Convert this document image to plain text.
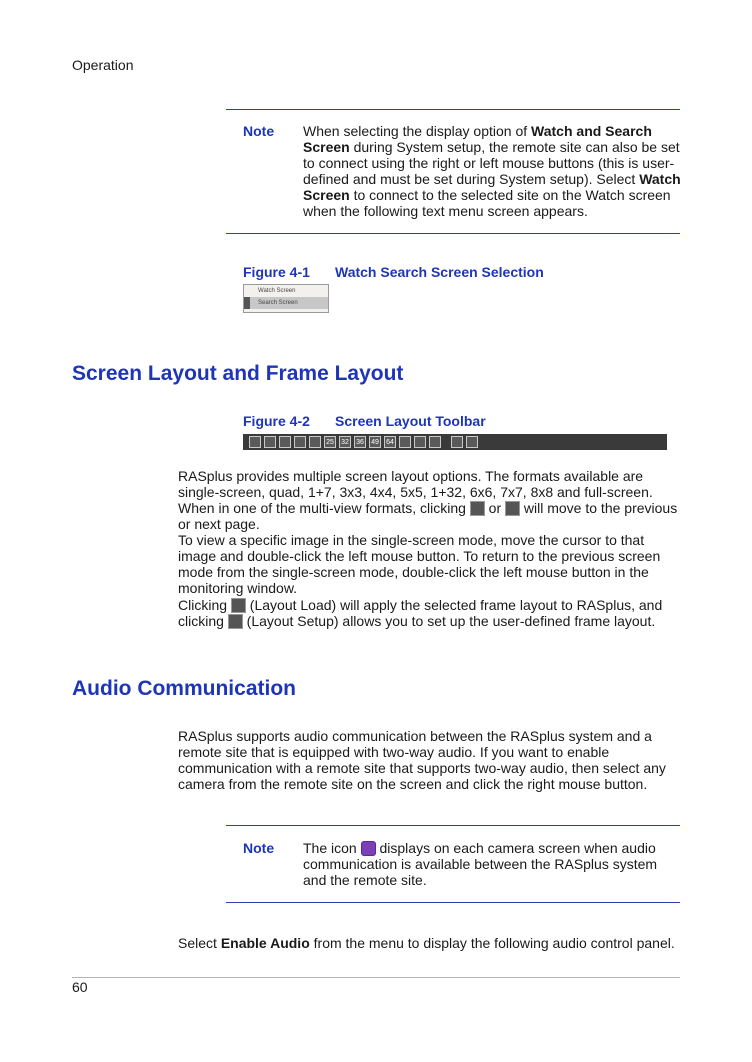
Operation
Note When selecting the display option of Watch and Search Screen during System setup, the remote site can also be set to connect using the right or left mouse buttons (this is user-defined and must be set during System setup). Select Watch Screen to connect to the selected site on the Watch screen when the following text menu screen appears.
Figure 4-1 Watch Search Screen Selection
Watch Screen
Search Screen
Screen Layout and Frame Layout
Figure 4-2 Screen Layout Toolbar
25	32	36	49	64
RASplus provides multiple screen layout options. The formats available are single-screen, quad, 1+7, 3x3, 4x4, 5x5, 1+32, 6x6, 7x7, 8x8 and full-screen. When in one of the multi-view formats, clicking  or  will move to the previous or next page.
To view a specific image in the single-screen mode, move the cursor to that image and double-click the left mouse button. To return to the previous screen mode from the single-screen mode, double-click the left mouse button in the monitoring window.
Clicking  (Layout Load) will apply the selected frame layout to RASplus, and clicking  (Layout Setup) allows you to set up the user-defined frame layout.
Audio Communication
RASplus supports audio communication between the RASplus system and a remote site that is equipped with two-way audio. If you want to enable communication with a remote site that supports two-way audio, then select any camera from the remote site on the screen and click the right mouse button.
Note The icon  displays on each camera screen when audio communication is available between the RASplus system and the remote site.
Select Enable Audio from the menu to display the following audio control panel.
60
